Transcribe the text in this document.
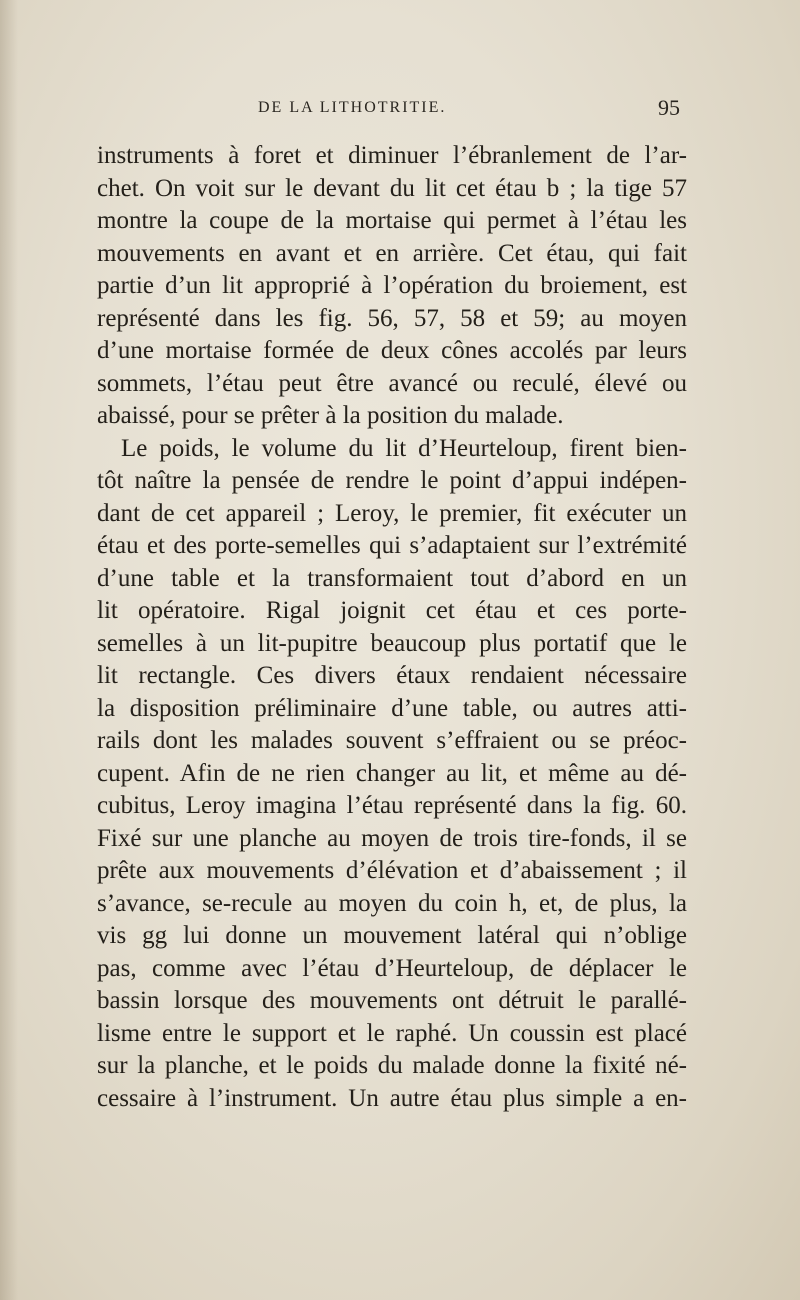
DE LA LITHOTRITIE.	95
instruments à foret et diminuer l’ébranlement de l’ar-
chet. On voit sur le devant du lit cet étau b ; la tige 57
montre la coupe de la mortaise qui permet à l’étau les
mouvements en avant et en arrière. Cet étau, qui fait
partie d’un lit approprié à l’opération du broiement, est
représenté dans les fig. 56, 57, 58 et 59; au moyen
d’une mortaise formée de deux cônes accolés par leurs
sommets, l’étau peut être avancé ou reculé, élevé ou
abaissé, pour se prêter à la position du malade.
Le poids, le volume du lit d’Heurteloup, firent bien-
tôt naître la pensée de rendre le point d’appui indépen-
dant de cet appareil ; Leroy, le premier, fit exécuter un
étau et des porte-semelles qui s’adaptaient sur l’extrémité
d’une table et la transformaient tout d’abord en un
lit opératoire. Rigal joignit cet étau et ces porte-
semelles à un lit-pupitre beaucoup plus portatif que le
lit rectangle. Ces divers étaux rendaient nécessaire
la disposition préliminaire d’une table, ou autres atti-
rails dont les malades souvent s’effraient ou se préoc-
cupent. Afin de ne rien changer au lit, et même au dé-
cubitus, Leroy imagina l’étau représenté dans la fig. 60.
Fixé sur une planche au moyen de trois tire-fonds, il se
prête aux mouvements d’élévation et d’abaissement ; il
s’avance, se-recule au moyen du coin h, et, de plus, la
vis gg lui donne un mouvement latéral qui n’oblige
pas, comme avec l’étau d’Heurteloup, de déplacer le
bassin lorsque des mouvements ont détruit le parallé-
lisme entre le support et le raphé. Un coussin est placé
sur la planche, et le poids du malade donne la fixité né-
cessaire à l’instrument. Un autre étau plus simple a en-
